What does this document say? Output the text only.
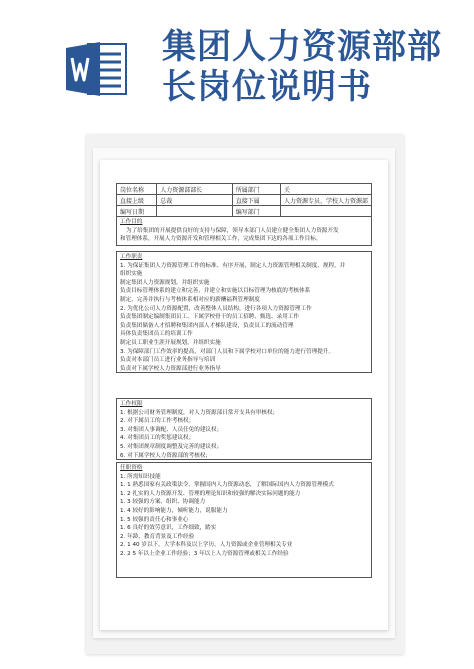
集团人力资源部部
长岗位说明书
岗位名称	人力资源部部长	所属部门	关
直接上级	总裁	直接下属	人力资源专员、学校人力资源部
编写日期		编写部门	
工作目的
为了给集团的开展提供良好的支持与保障，领导本部门人员建立健全集团人力资源开发
和管理体系，开展人力资源开发和管理相关工作，完成集团下达的各项工作目标。
工作职责
1. 为保证集团人力资源管理工作的标准、有序开展，制定人力资源管理相关制度、规程，并
组织实施
制定集团人力资源规划，并组织实施
负责目标管理体系的建立和完善，并建立和实施以目标管理为核底的考核体系
制定、完善并执行与考核体系相对应的薪酬福利管理制度
2. 为优化公司人力资源配置，改善整体人员结构，进行各项人力资源管理工作
负责集团制定编制集团员工、下属学校骨干的员工招聘、甄选、录用工作
负责集团储备人才招聘和集团内部人才梯队建设，负责员工的流动管理
具体负责集团员工的培训工作
制定员工职业生涯开展规划，并组织实施
3. 为保障部门工作效率的提高，对部门人员和下属学校对口单位的能力进行管理提升。
负责对本部门员工进行业务指导与培训
负责对下属学校人力资源部进行业务指导
工作权限
1. 根据公司财务管理制度，对人力资源部日常开支具有审核权；
2. 对下属员工的工作考核权；
3. 对集团人事调配、人员任免的建议权；
4. 对集团员工的奖惩建议权；
5. 对集团规章制度调整及完善的建议权；
6. 对下属学校人力资源部的考核权；
任职资格
1. 所需知识技能
1. 1 熟悉国家有关政策法令，掌握国内人力资源动态，了解国际国内人力资源管理模式
1. 2 扎实的人力资源开发、管理的理论知识和较强的解决实际问题的能力
1. 3 较强的方案、组织、协调能力
1. 4 较好的影响能力，倾听能力，说服能力
1. 5 较强的责任心和事业心
1. 6 良好的效劳意识，工作细致，踏实
2. 年龄、教育背景及工作经验
2. 1 40 岁以下，大学本科及以上学历，人力资源或企业管理相关专业
2. 2 5 年以上企业工作经验；3 年以上人力资源管理或相关工作经验
